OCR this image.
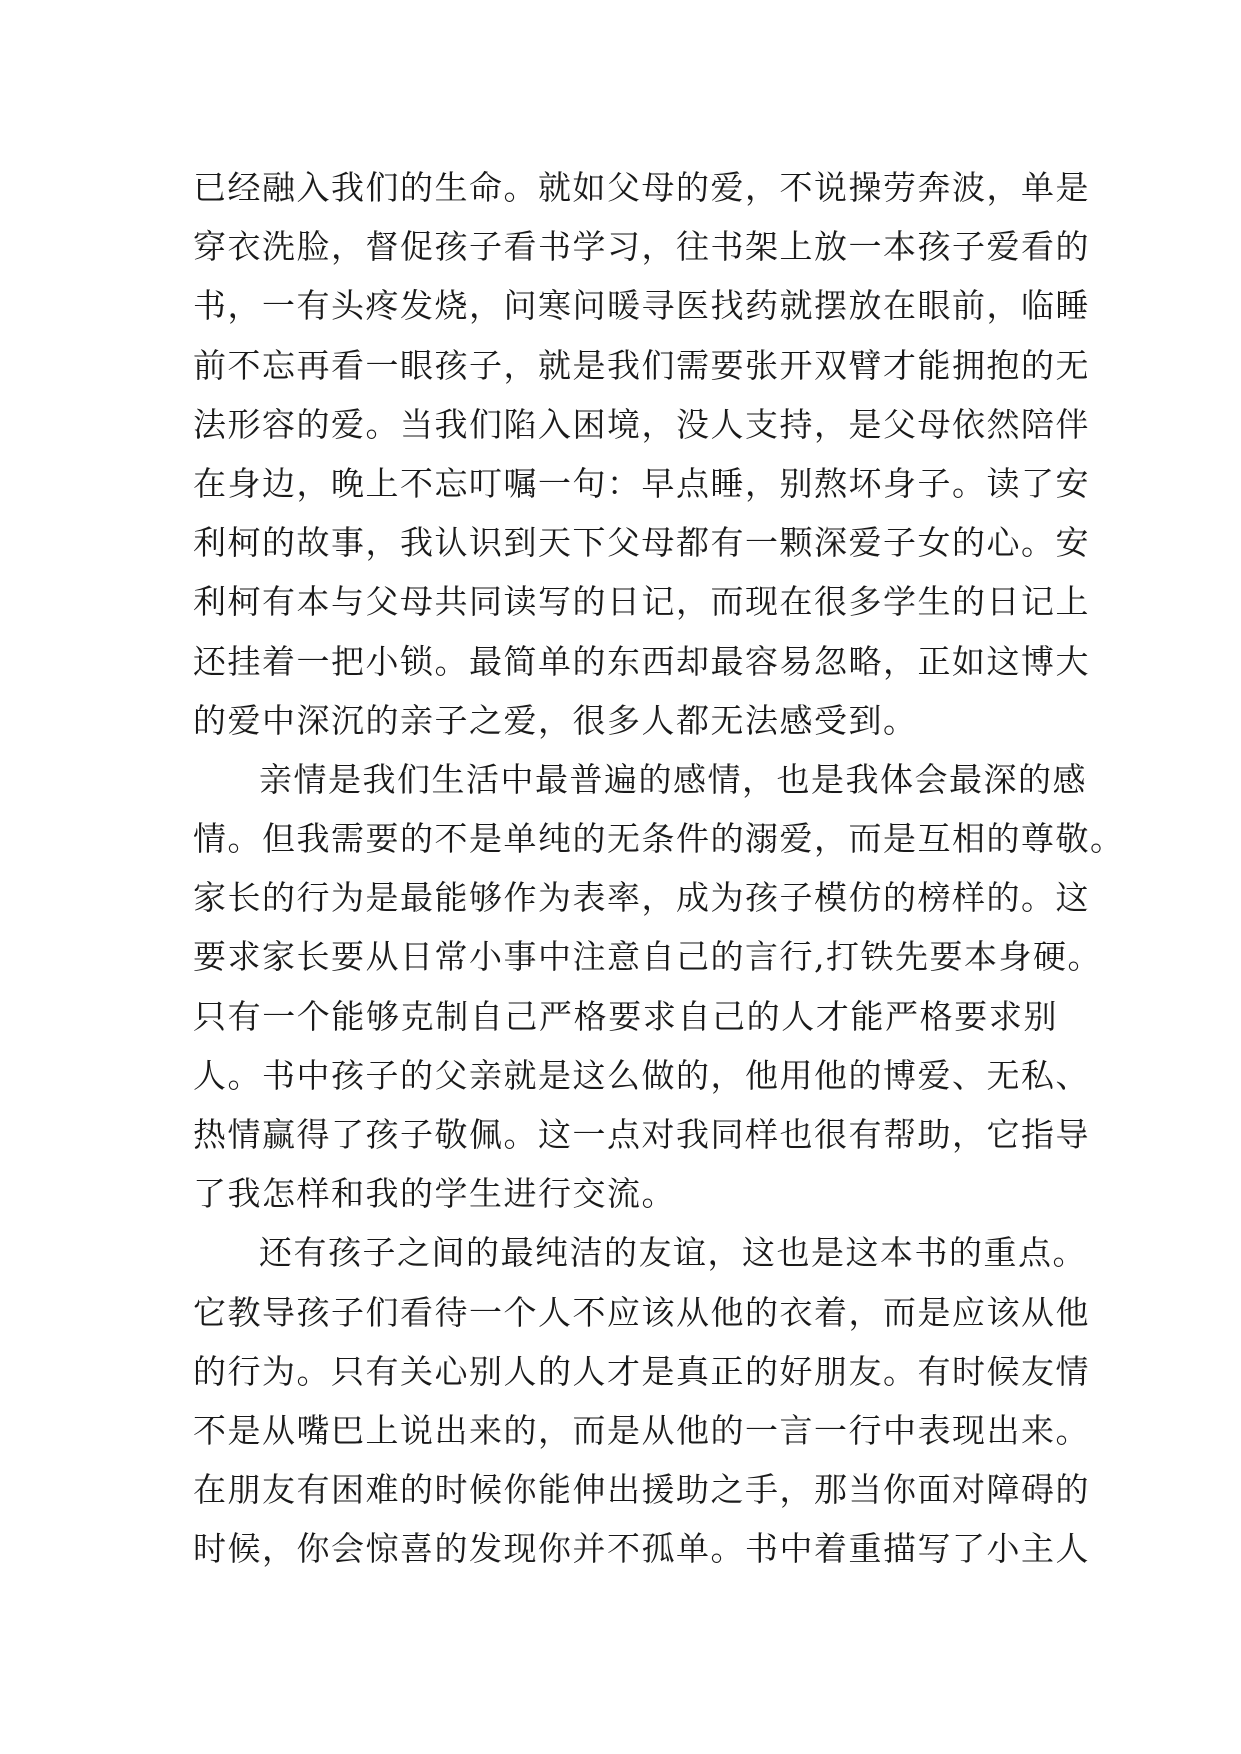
已经融入我们的生命。就如父母的爱，不说操劳奔波，单是
穿衣洗脸，督促孩子看书学习，往书架上放一本孩子爱看的
书，一有头疼发烧，问寒问暖寻医找药就摆放在眼前，临睡
前不忘再看一眼孩子，就是我们需要张开双臂才能拥抱的无
法形容的爱。当我们陷入困境，没人支持，是父母依然陪伴
在身边，晚上不忘叮嘱一句：早点睡，别熬坏身子。读了安
利柯的故事，我认识到天下父母都有一颗深爱子女的心。安
利柯有本与父母共同读写的日记，而现在很多学生的日记上
还挂着一把小锁。最简单的东西却最容易忽略，正如这博大
的爱中深沉的亲子之爱，很多人都无法感受到。
亲情是我们生活中最普遍的感情，也是我体会最深的感
情。但我需要的不是单纯的无条件的溺爱，而是互相的尊敬。
家长的行为是最能够作为表率，成为孩子模仿的榜样的。这
要求家长要从日常小事中注意自己的言行,打铁先要本身硬。
只有一个能够克制自己严格要求自己的人才能严格要求别
人。书中孩子的父亲就是这么做的，他用他的博爱、无私、
热情赢得了孩子敬佩。这一点对我同样也很有帮助，它指导
了我怎样和我的学生进行交流。
还有孩子之间的最纯洁的友谊，这也是这本书的重点。
它教导孩子们看待一个人不应该从他的衣着，而是应该从他
的行为。只有关心别人的人才是真正的好朋友。有时候友情
不是从嘴巴上说出来的，而是从他的一言一行中表现出来。
在朋友有困难的时候你能伸出援助之手，那当你面对障碍的
时候，你会惊喜的发现你并不孤单。书中着重描写了小主人
